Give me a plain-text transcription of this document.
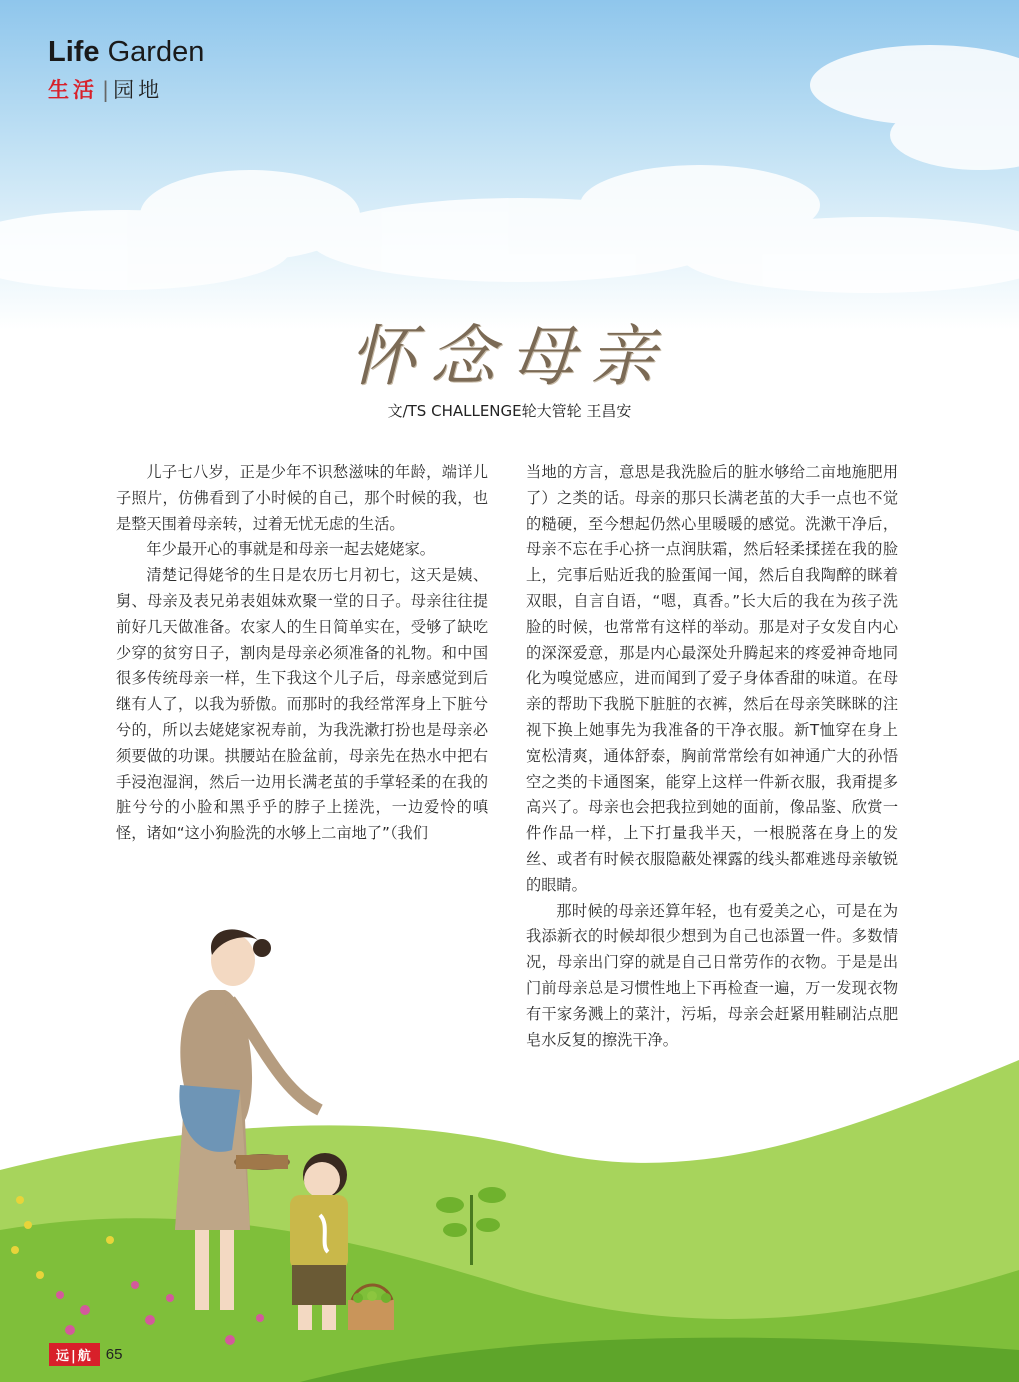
Life Garden
生活 | 园地
怀念母亲
文/TS CHALLENGE轮大管轮 王昌安

儿子七八岁，正是少年不识愁滋味的年龄，端详儿子照片，仿佛看到了小时候的自己，那个时候的我，也是整天围着母亲转，过着无忧无虑的生活。

年少最开心的事就是和母亲一起去姥姥家。

清楚记得姥爷的生日是农历七月初七，这天是姨、舅、母亲及表兄弟表姐妹欢聚一堂的日子。母亲往往提前好几天做准备。农家人的生日简单实在，受够了缺吃少穿的贫穷日子，割肉是母亲必须准备的礼物。和中国很多传统母亲一样，生下我这个儿子后，母亲感觉到后继有人了，以我为骄傲。而那时的我经常浑身上下脏兮兮的，所以去姥姥家祝寿前，为我洗漱打扮也是母亲必须要做的功课。拱腰站在脸盆前，母亲先在热水中把右手浸泡湿润，然后一边用长满老茧的手掌轻柔的在我的脏兮兮的小脸和黑乎乎的脖子上搓洗，一边爱怜的嗔怪，诸如“这小狗脸洗的水够上二亩地了”（我们

当地的方言，意思是我洗脸后的脏水够给二亩地施肥用了）之类的话。母亲的那只长满老茧的大手一点也不觉的糙硬，至今想起仍然心里暖暖的感觉。洗漱干净后，母亲不忘在手心挤一点润肤霜，然后轻柔揉搓在我的脸上，完事后贴近我的脸蛋闻一闻，然后自我陶醉的眯着双眼，自言自语，“嗯，真香。”长大后的我在为孩子洗脸的时候，也常常有这样的举动。那是对子女发自内心的深深爱意，那是内心最深处升腾起来的疼爱神奇地同化为嗅觉感应，进而闻到了爱子身体香甜的味道。在母亲的帮助下我脱下脏脏的衣裤，然后在母亲笑眯眯的注视下换上她事先为我准备的干净衣服。新T恤穿在身上宽松清爽，通体舒泰，胸前常常绘有如神通广大的孙悟空之类的卡通图案，能穿上这样一件新衣服，我甭提多高兴了。母亲也会把我拉到她的面前，像品鉴、欣赏一件作品一样，上下打量我半天，一根脱落在身上的发丝、或者有时候衣服隐蔽处裸露的线头都难逃母亲敏锐的眼睛。

那时候的母亲还算年轻，也有爱美之心，可是在为我添新衣的时候却很少想到为自己也添置一件。多数情况，母亲出门穿的就是自己日常劳作的衣物。于是是出门前母亲总是习惯性地上下再检查一遍，万一发现衣物有干家务溅上的菜汁，污垢，母亲会赶紧用鞋刷沾点肥皂水反复的擦洗干净。

远|航 65
